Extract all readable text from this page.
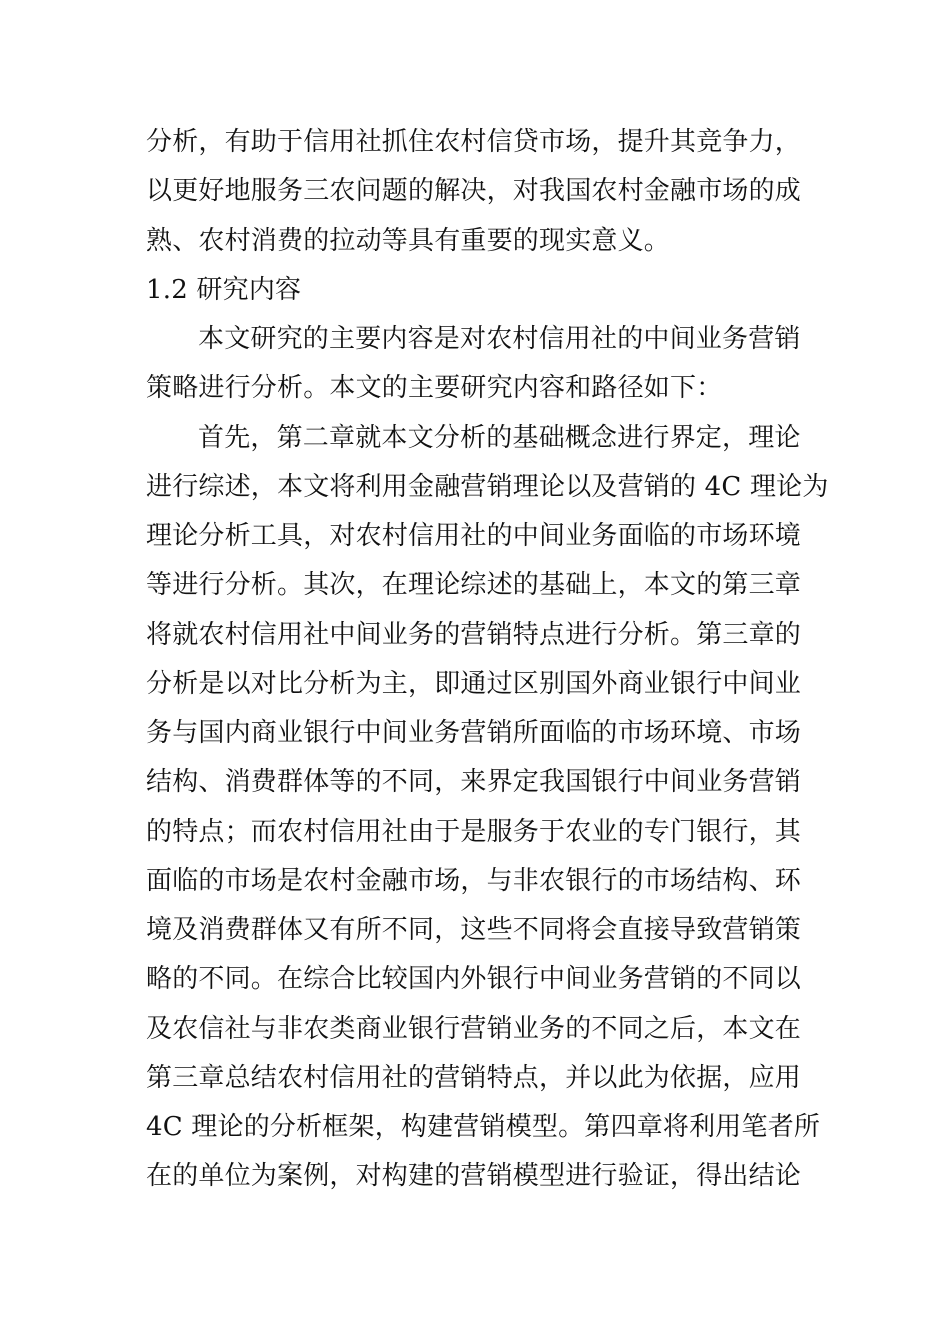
分析，有助于信用社抓住农村信贷市场，提升其竞争力，
以更好地服务三农问题的解决，对我国农村金融市场的成
熟、农村消费的拉动等具有重要的现实意义。
1.2 研究内容
本文研究的主要内容是对农村信用社的中间业务营销
策略进行分析。本文的主要研究内容和路径如下：
首先，第二章就本文分析的基础概念进行界定，理论
进行综述，本文将利用金融营销理论以及营销的 4C 理论为
理论分析工具，对农村信用社的中间业务面临的市场环境
等进行分析。其次，在理论综述的基础上，本文的第三章
将就农村信用社中间业务的营销特点进行分析。第三章的
分析是以对比分析为主，即通过区别国外商业银行中间业
务与国内商业银行中间业务营销所面临的市场环境、市场
结构、消费群体等的不同，来界定我国银行中间业务营销
的特点；而农村信用社由于是服务于农业的专门银行，其
面临的市场是农村金融市场，与非农银行的市场结构、环
境及消费群体又有所不同，这些不同将会直接导致营销策
略的不同。在综合比较国内外银行中间业务营销的不同以
及农信社与非农类商业银行营销业务的不同之后，本文在
第三章总结农村信用社的营销特点，并以此为依据，应用
4C 理论的分析框架，构建营销模型。第四章将利用笔者所
在的单位为案例，对构建的营销模型进行验证，得出结论
